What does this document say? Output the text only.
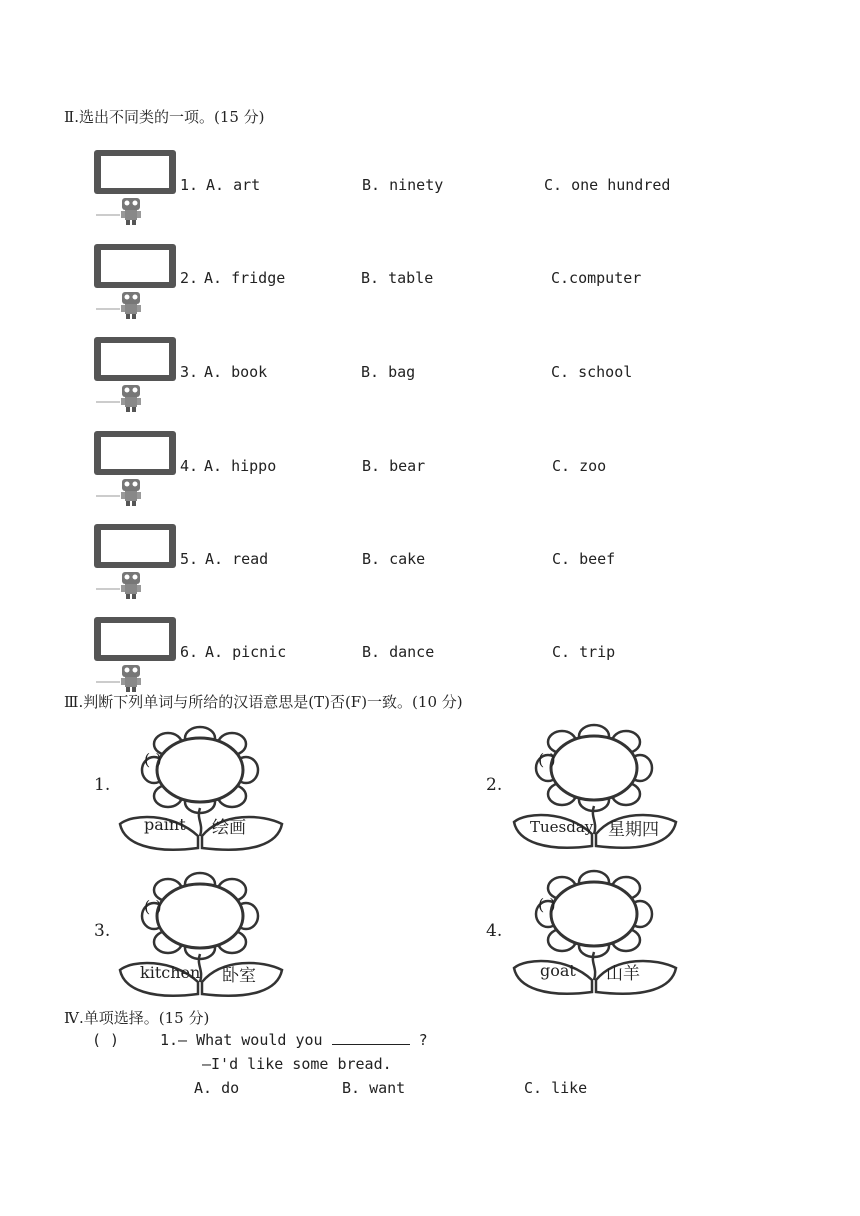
Ⅱ.选出不同类的一项。(15 分)
1. A. art	B. ninety	C. one hundred
2. A. fridge	B. table	C.computer
3. A. book	B. bag	C. school
4. A. hippo	B. bear	C. zoo
5. A. read	B. cake	C. beef
6. A. picnic	B. dance	C. trip
Ⅲ.判断下列单词与所给的汉语意思是(T)否(F)一致。(10 分)
1.
( )
paint 绘画
2.
( )
Tuesday 星期四
3.
( )
kitchen 卧室
4.
( )
goat 山羊
Ⅳ.单项选择。(15 分)
( )	1.— What would you	?
—I'd like some bread.
A. do	B. want	C. like
